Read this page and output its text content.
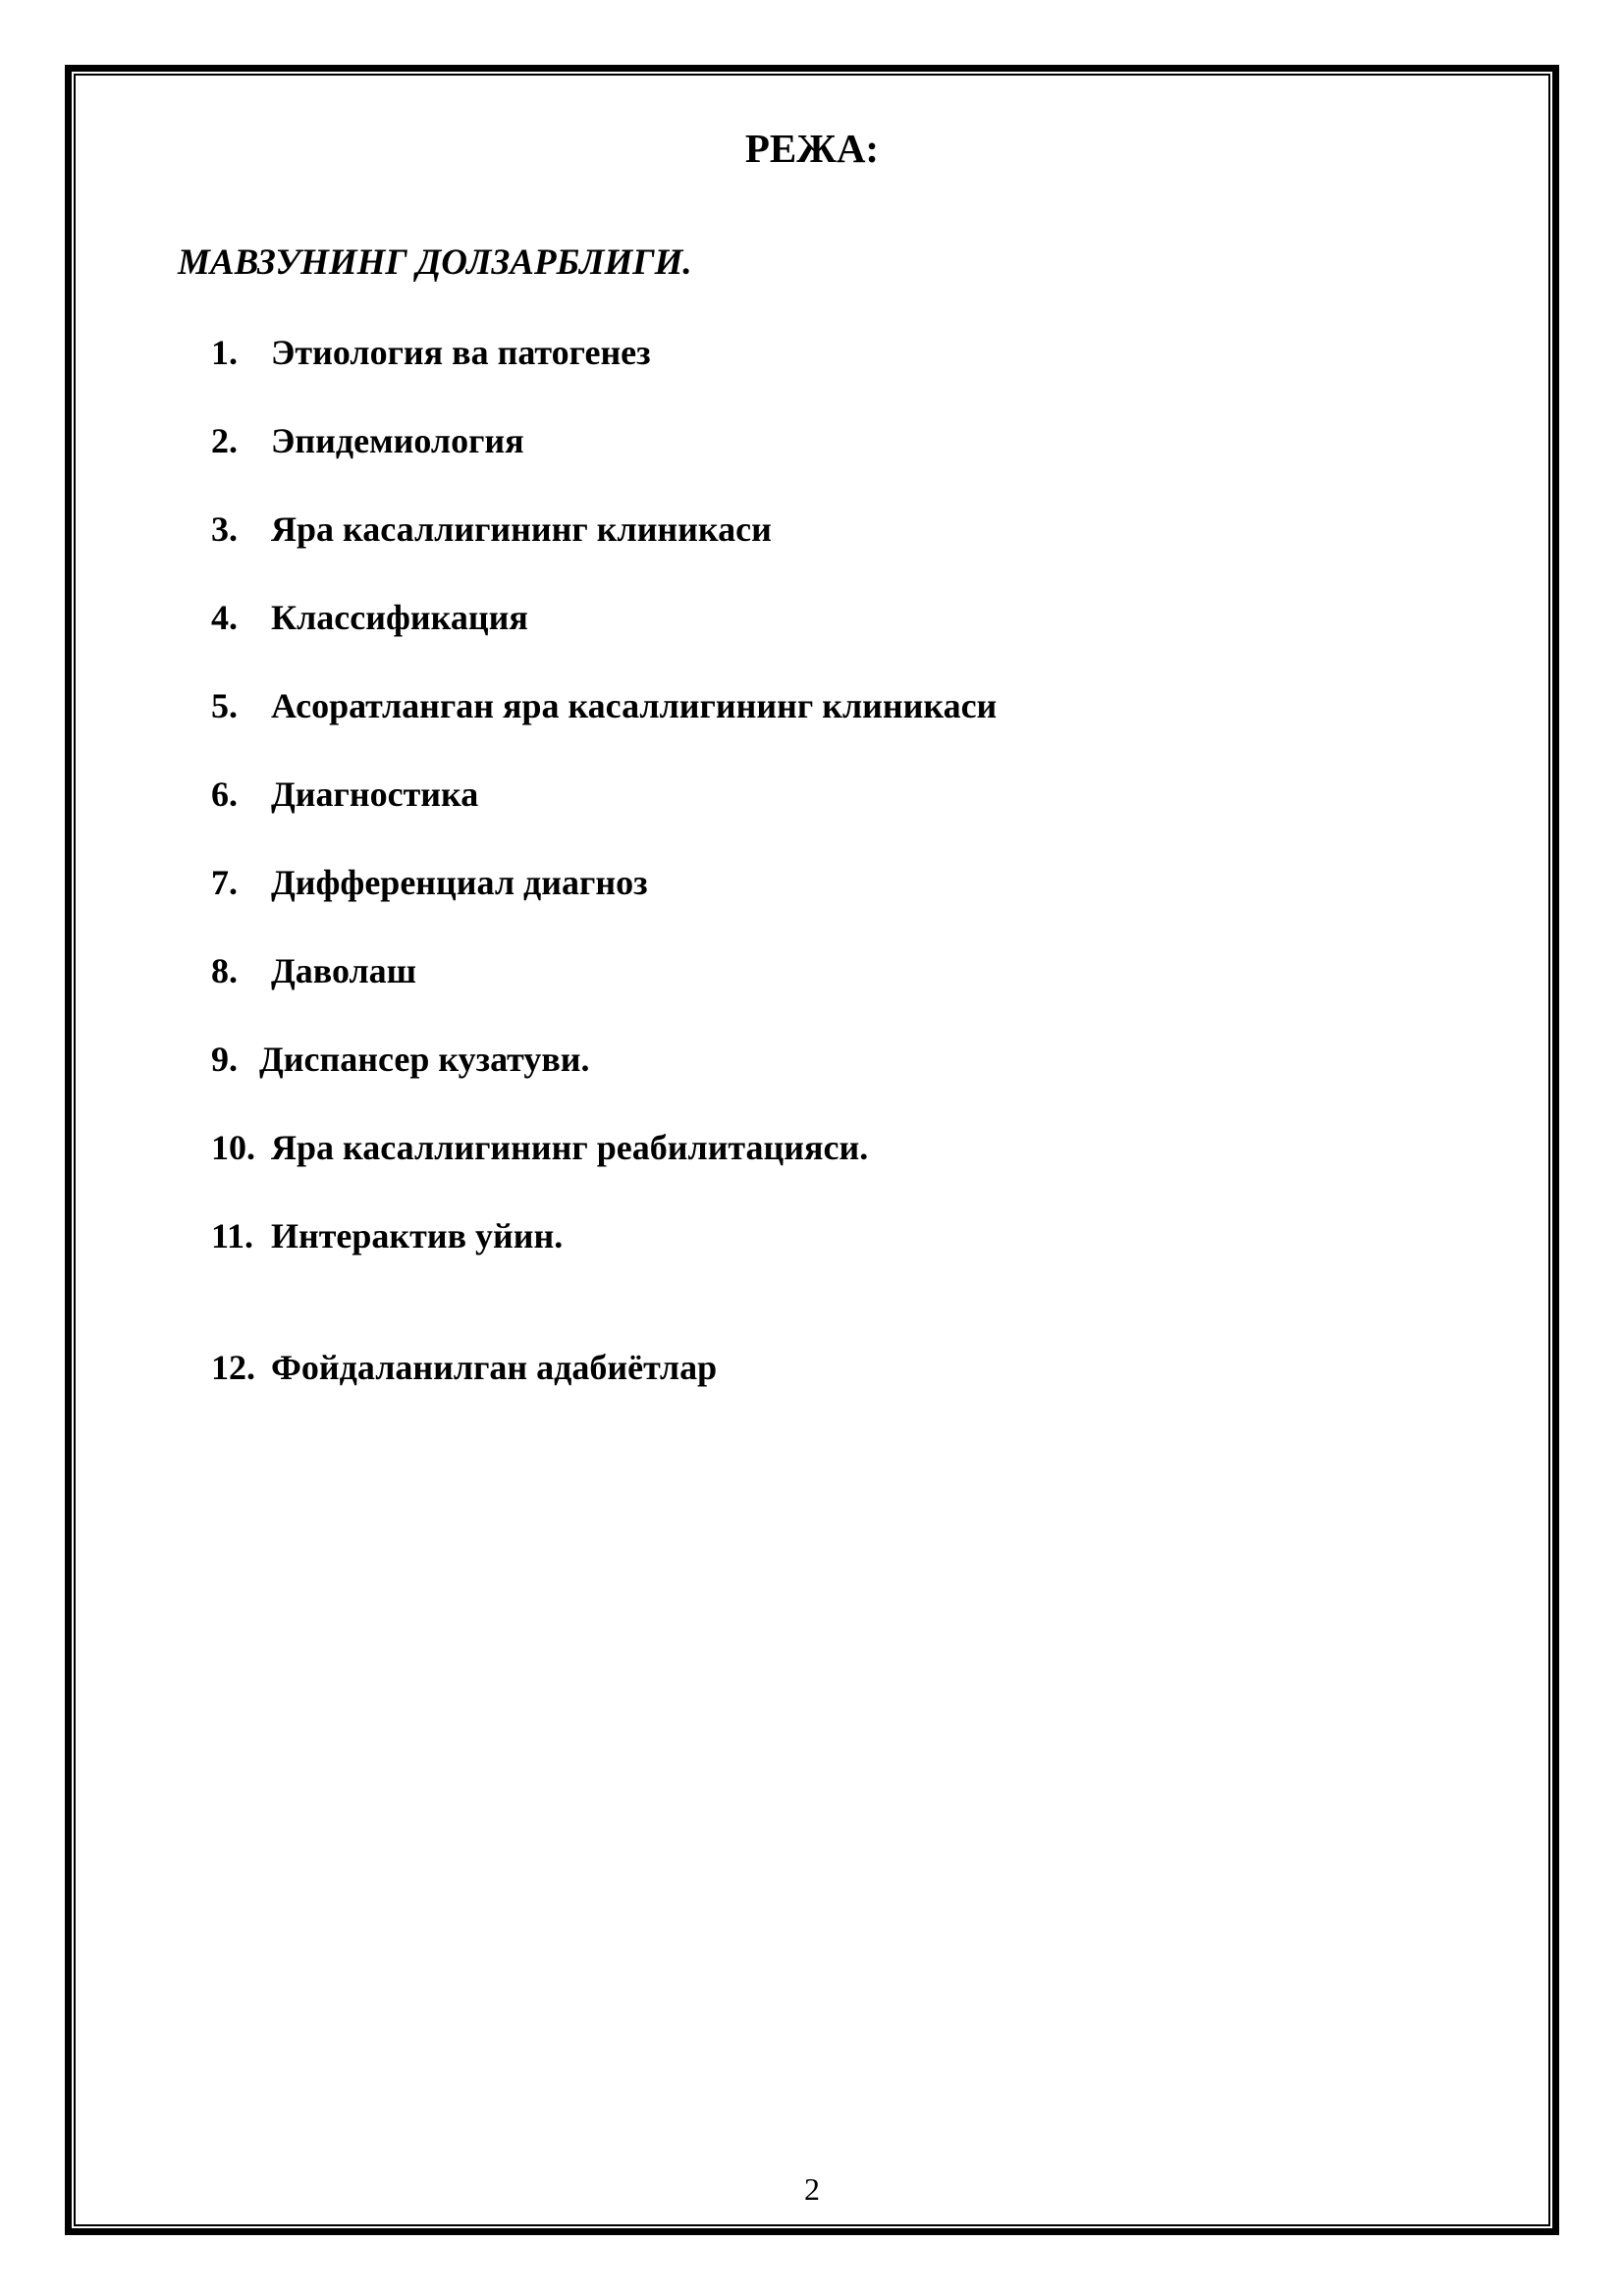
РЕЖА:
МАВЗУНИНГ ДОЛЗАРБЛИГИ.
1. Этиология ва патогенез
2. Эпидемиология
3. Яра касаллигининг клиникаси
4. Классификация
5. Асоратланган яра касаллигининг клиникаси
6. Диагностика
7. Дифференциал диагноз
8. Даволаш
9. Диспансер кузатуви.
10. Яра касаллигининг реабилитацияси.
11. Интерактив уйин.
12. Фойдаланилган адабиётлар
2
